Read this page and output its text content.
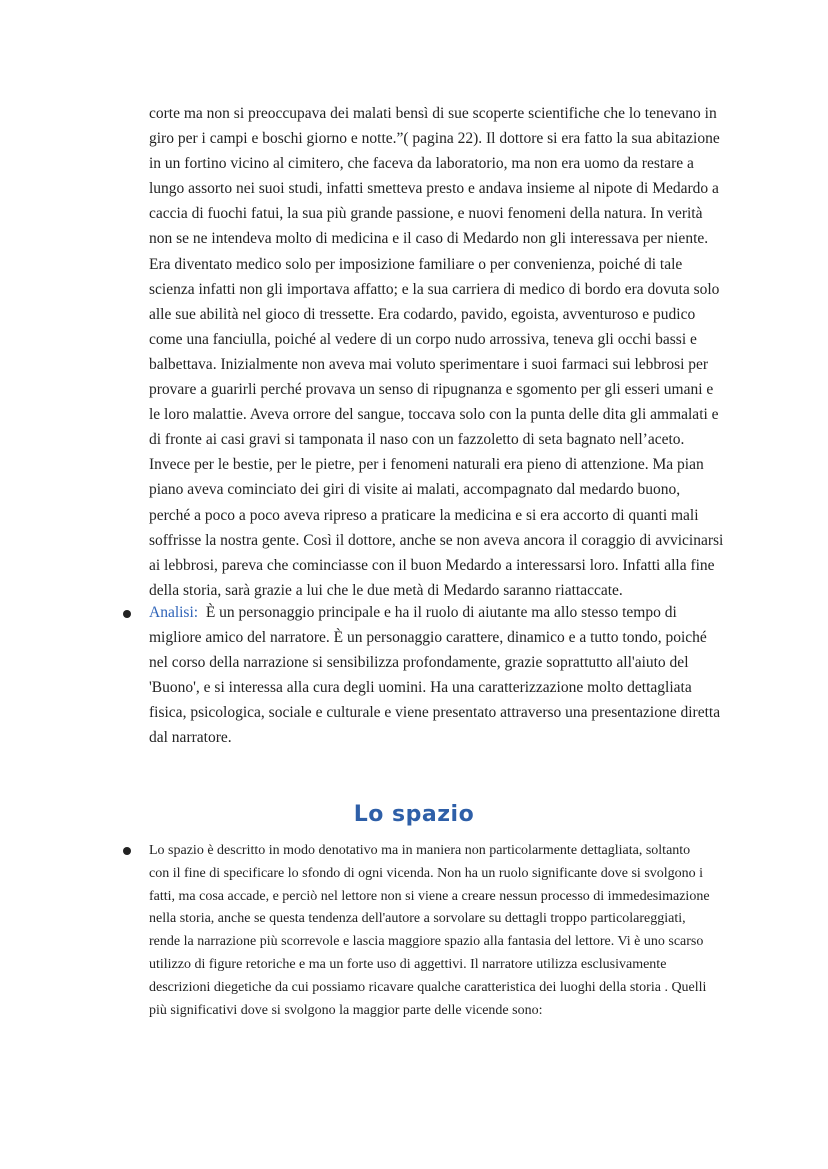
corte ma non si preoccupava dei malati bensì di sue scoperte scientifiche che lo tenevano in
giro per i campi e boschi giorno e notte.”( pagina 22). Il dottore si era fatto la sua abitazione
in un fortino vicino al cimitero, che faceva da laboratorio, ma non era uomo da restare a
lungo assorto nei suoi studi, infatti smetteva presto e andava insieme al nipote di Medardo a
caccia di fuochi fatui, la sua più grande passione, e nuovi fenomeni della natura. In verità
non se ne intendeva molto di medicina e il caso di Medardo non gli interessava per niente.
Era diventato medico solo per imposizione familiare o per convenienza, poiché di tale
scienza infatti non gli importava affatto; e la sua carriera di medico di bordo era dovuta solo
alle sue abilità nel gioco di tressette. Era codardo, pavido, egoista, avventuroso e pudico
come una fanciulla, poiché al vedere di un corpo nudo arrossiva, teneva gli occhi bassi e
balbettava. Inizialmente non aveva mai voluto sperimentare i suoi farmaci sui lebbrosi per
provare a guarirli perché provava un senso di ripugnanza e sgomento per gli esseri umani e
le loro malattie. Aveva orrore del sangue, toccava solo con la punta delle dita gli ammalati e
di fronte ai casi gravi si tamponata il naso con un fazzoletto di seta bagnato nell’aceto.
Invece per le bestie, per le pietre, per i fenomeni naturali era pieno di attenzione. Ma pian
piano aveva cominciato dei giri di visite ai malati, accompagnato dal medardo buono,
perché a poco a poco aveva ripreso a praticare la medicina e si era accorto di quanti mali
soffrisse la nostra gente. Così il dottore, anche se non aveva ancora il coraggio di avvicinarsi
ai lebbrosi, pareva che cominciasse con il buon Medardo a interessarsi loro. Infatti alla fine
della storia, sarà grazie a lui che le due metà di Medardo saranno riattaccate.
Analisi:  È un personaggio principale e ha il ruolo di aiutante ma allo stesso tempo di
migliore amico del narratore. È un personaggio carattere, dinamico e a tutto tondo, poiché
nel corso della narrazione si sensibilizza profondamente, grazie soprattutto all'aiuto del
'Buono', e si interessa alla cura degli uomini. Ha una caratterizzazione molto dettagliata
fisica, psicologica, sociale e culturale e viene presentato attraverso una presentazione diretta
dal narratore.
Lo spazio
Lo spazio è descritto in modo denotativo ma in maniera non particolarmente dettagliata, soltanto
con il fine di specificare lo sfondo di ogni vicenda. Non ha un ruolo significante dove si svolgono i
fatti, ma cosa accade, e perciò nel lettore non si viene a creare nessun processo di immedesimazione
nella storia, anche se questa tendenza dell'autore a sorvolare su dettagli troppo particolareggiati,
rende la narrazione più scorrevole e lascia maggiore spazio alla fantasia del lettore. Vi è uno scarso
utilizzo di figure retoriche e ma un forte uso di aggettivi. Il narratore utilizza esclusivamente
descrizioni diegetiche da cui possiamo ricavare qualche caratteristica dei luoghi della storia . Quelli
più significativi dove si svolgono la maggior parte delle vicende sono:
